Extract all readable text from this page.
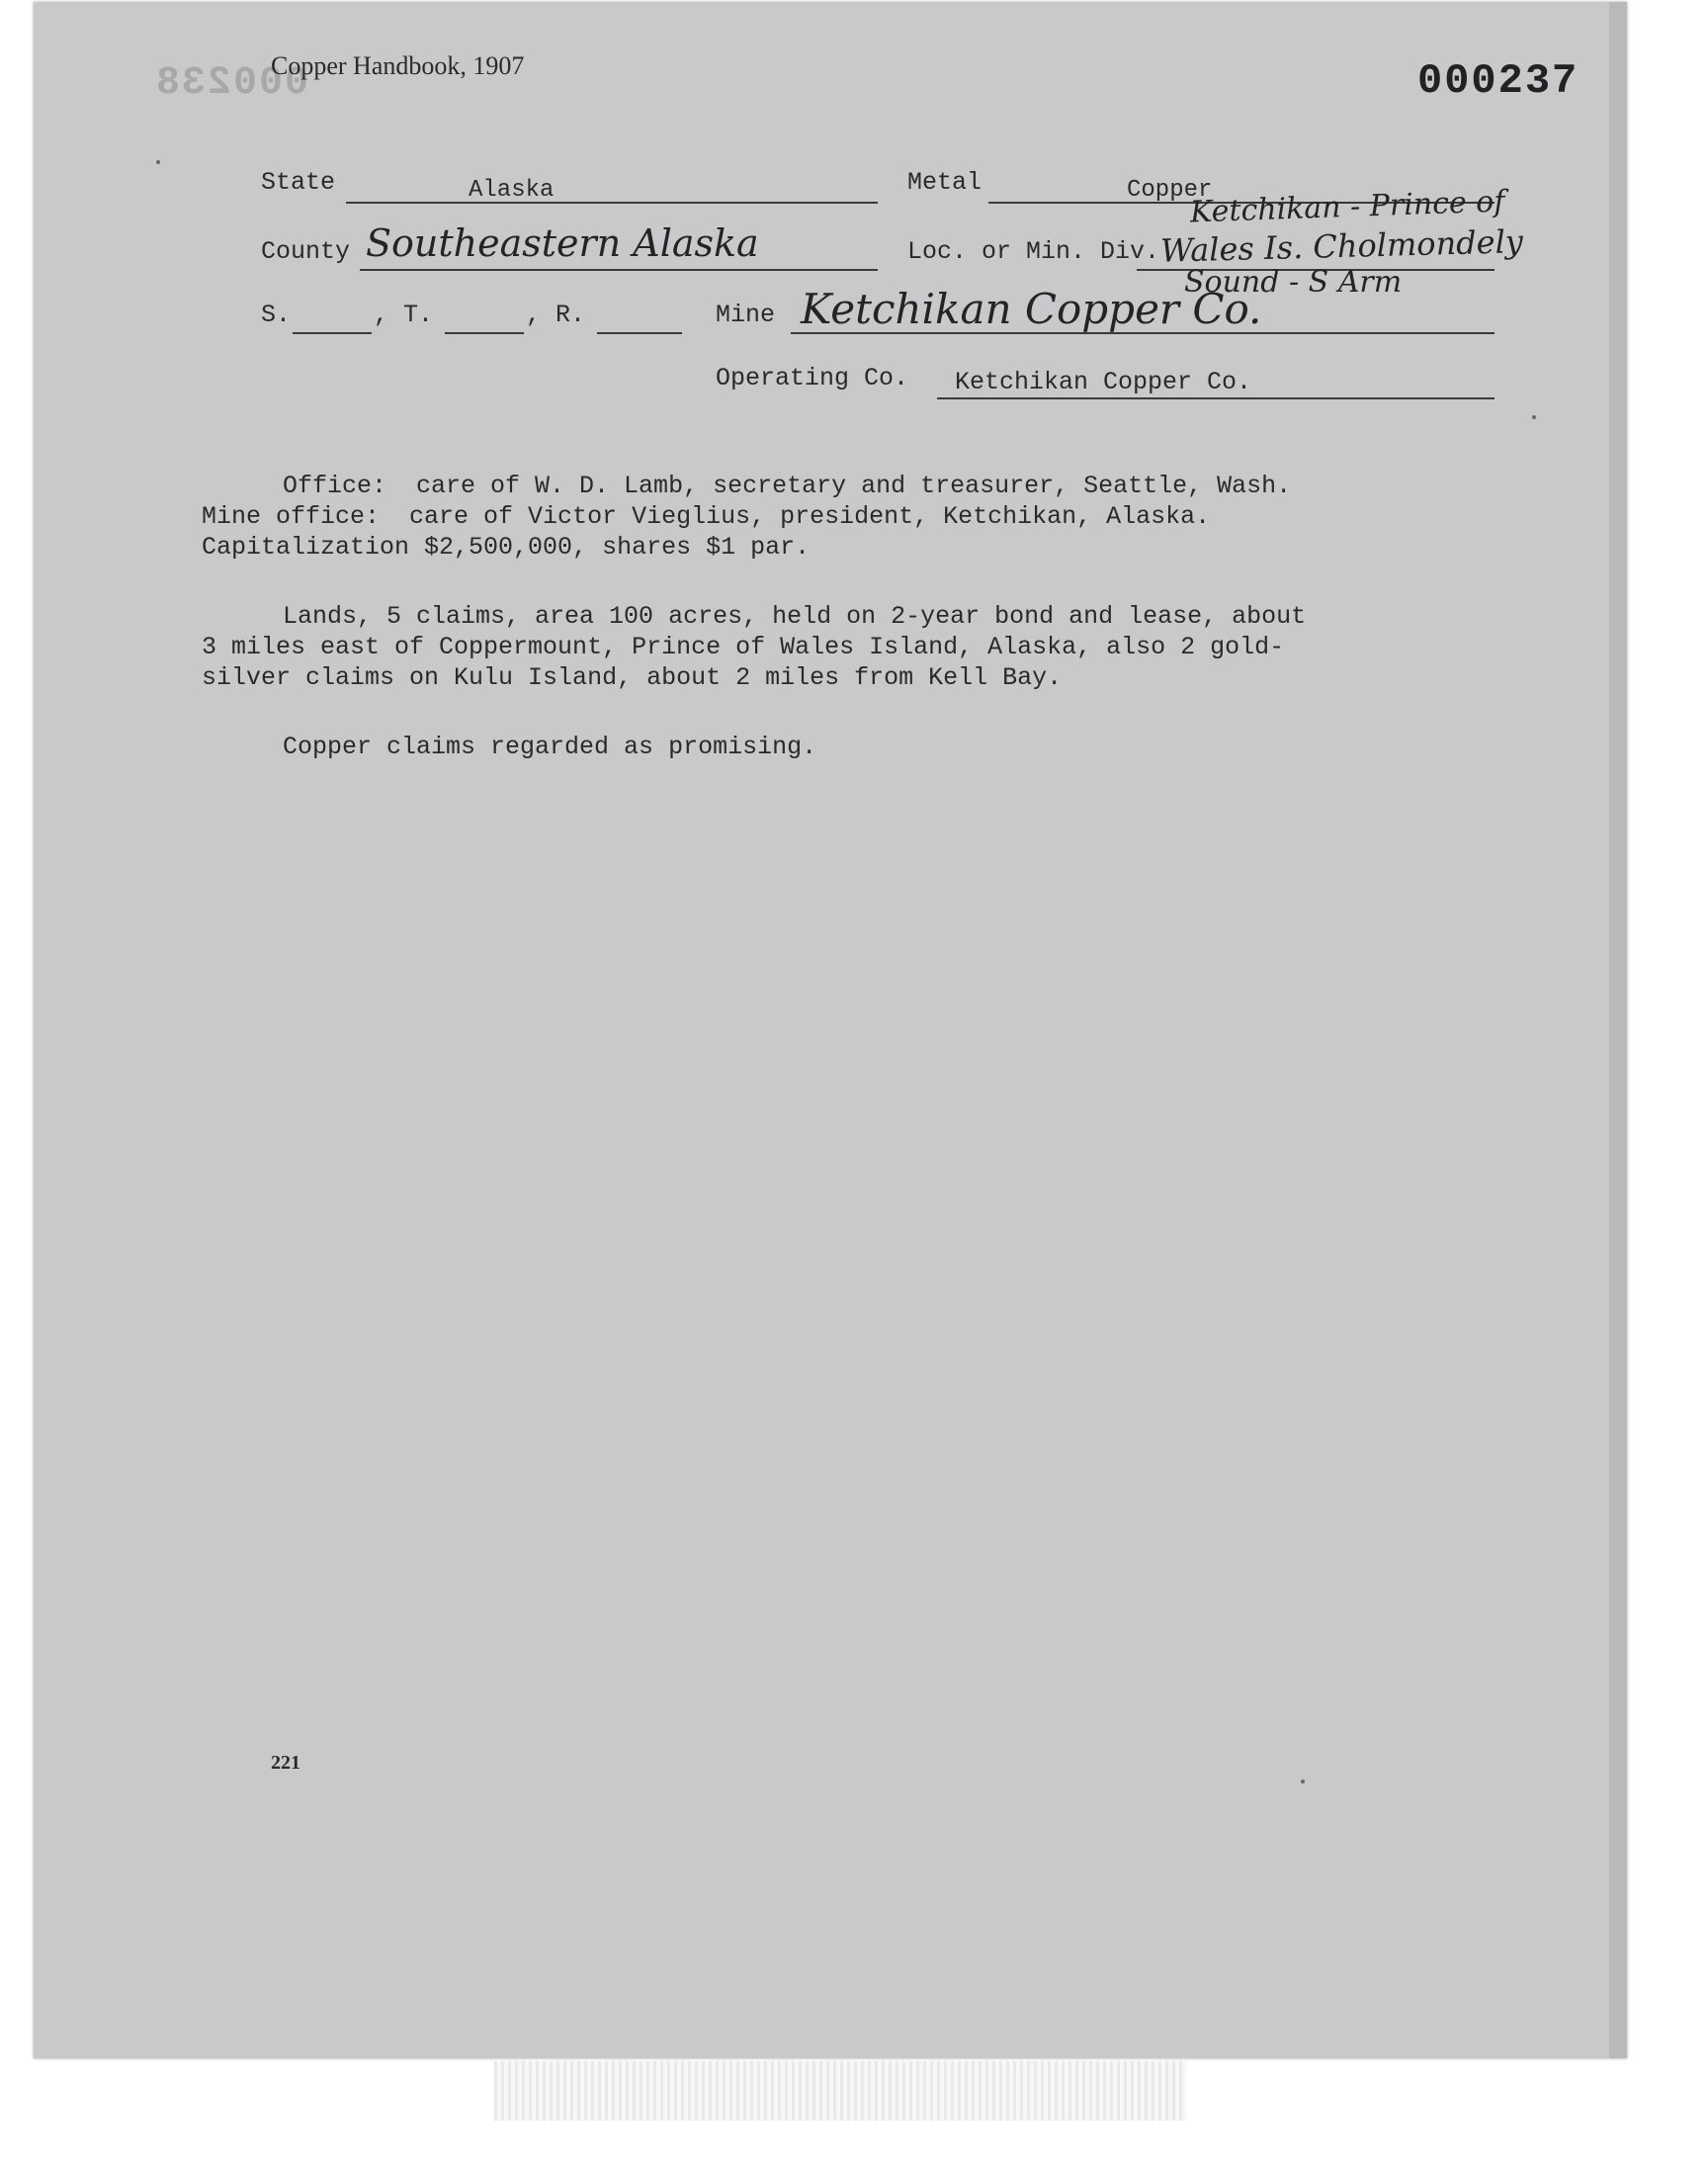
000238
Copper Handbook, 1907	000237
State	Alaska	Metal	Copper
County Southeastern Alaska	Loc. or Min. Div.
Ketchikan - Prince of
Wales Is. Cholmondely
Sound - S Arm
S.	, T.	, R.	Mine Ketchikan Copper Co.
Operating Co. Ketchikan Copper Co.
Office:  care of W. D. Lamb, secretary and treasurer, Seattle, Wash.
Mine office:  care of Victor Vieglius, president, Ketchikan, Alaska.
Capitalization $2,500,000, shares $1 par.
Lands, 5 claims, area 100 acres, held on 2-year bond and lease, about
3 miles east of Coppermount, Prince of Wales Island, Alaska, also 2 gold-
silver claims on Kulu Island, about 2 miles from Kell Bay.
Copper claims regarded as promising.
221
